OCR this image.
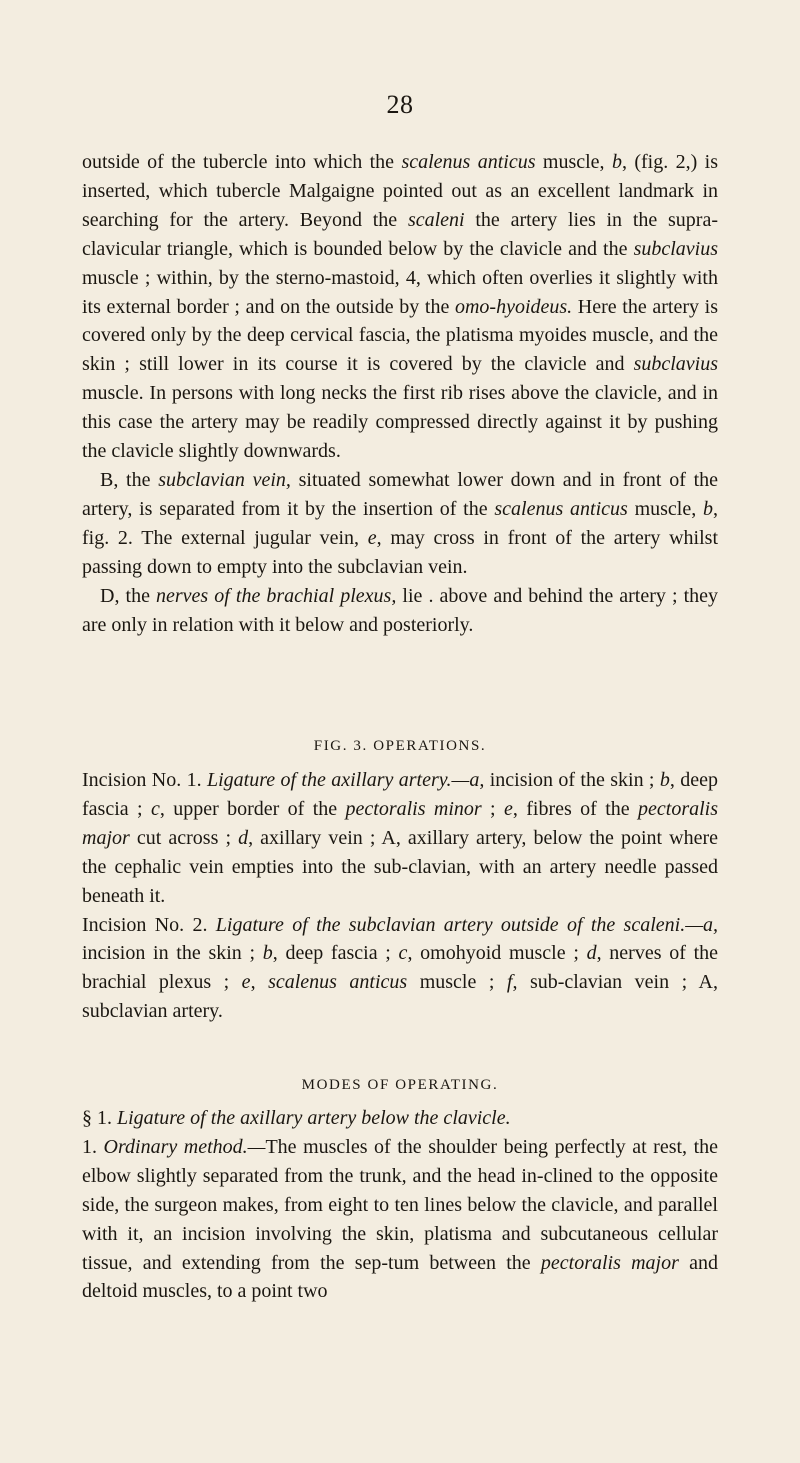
28

outside of the tubercle into which the scalenus anticus muscle, b, (fig. 2,) is inserted, which tubercle Malgaigne pointed out as an excellent landmark in searching for the artery. Beyond the scaleni the artery lies in the supra-clavicular triangle, which is bounded below by the clavicle and the subclavius muscle ; within, by the sterno-mastoid, 4, which often overlies it slightly with its external border ; and on the outside by the omo-hyoideus. Here the artery is covered only by the deep cervical fascia, the platisma myoides muscle, and the skin ; still lower in its course it is covered by the clavicle and subclavius muscle. In persons with long necks the first rib rises above the clavicle, and in this case the artery may be readily compressed directly against it by pushing the clavicle slightly downwards.

B, the subclavian vein, situated somewhat lower down and in front of the artery, is separated from it by the insertion of the scalenus anticus muscle, b, fig. 2. The external jugular vein, e, may cross in front of the artery whilst passing down to empty into the subclavian vein.

D, the nerves of the brachial plexus, lie . above and behind the artery ; they are only in relation with it below and posteriorly.

FIG. 3. OPERATIONS.

Incision No. 1. Ligature of the axillary artery.—a, incision of the skin ; b, deep fascia ; c, upper border of the pectoralis minor ; e, fibres of the pectoralis major cut across ; d, axillary vein ; A, axillary artery, below the point where the cephalic vein empties into the sub-clavian, with an artery needle passed beneath it.

Incision No. 2. Ligature of the subclavian artery outside of the scaleni.—a, incision in the skin ; b, deep fascia ; c, omohyoid muscle ; d, nerves of the brachial plexus ; e, scalenus anticus muscle ; f, sub-clavian vein ; A, subclavian artery.

MODES OF OPERATING.

§ 1. Ligature of the axillary artery below the clavicle.

1. Ordinary method.—The muscles of the shoulder being perfectly at rest, the elbow slightly separated from the trunk, and the head in-clined to the opposite side, the surgeon makes, from eight to ten lines below the clavicle, and parallel with it, an incision involving the skin, platisma and subcutaneous cellular tissue, and extending from the sep-tum between the pectoralis major and deltoid muscles, to a point two
